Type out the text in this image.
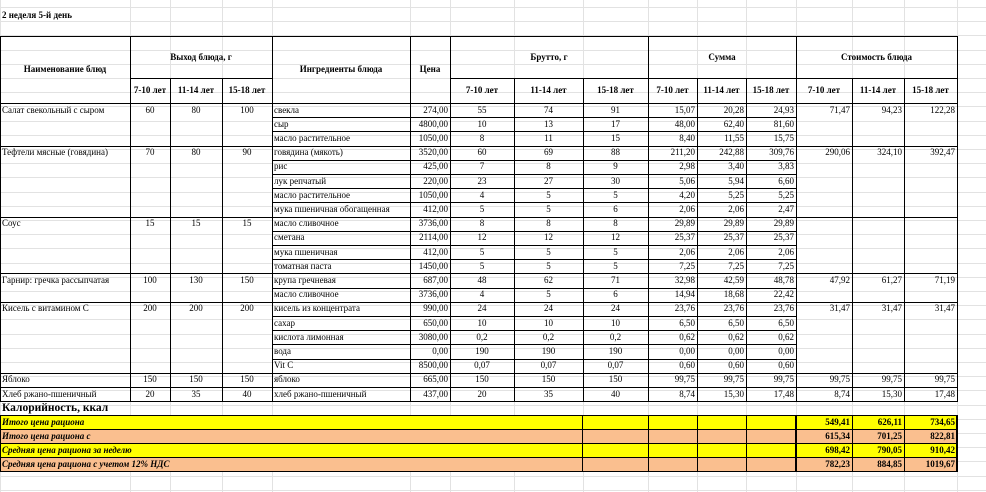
2 неделя 5-й день
Наименование блюд
Выход блюда, г
Ингредиенты блюда	Цена
Брутто, г	Сумма	Стоимость блюда
7-10 лет	11-14 лет	15-18 лет	7-10 лет	11-14 лет	15-18 лет	7-10 лет	11-14 лет	15-18 лет	7-10 лет	11-14 лет	15-18 лет
Салат свекольный с сыром	60	80	100	свекла	274,00	55	74	91	15,07	20,28	24,93	71,47	94,23	122,28
сыр	4800,00	10	13	17	48,00	62,40	81,60
масло растительное	1050,00	8	11	15	8,40	11,55	15,75
Тефтели мясные (говядина)	70	80	90	говядина (мякоть)	3520,00	60	69	88	211,20	242,88	309,76	290,06	324,10	392,47
рис	425,00	7	8	9	2,98	3,40	3,83
лук репчатый	220,00	23	27	30	5,06	5,94	6,60
масло растительное	1050,00	4	5	5	4,20	5,25	5,25
мука пшеничная обогащенная	412,00	5	5	6	2,06	2,06	2,47
Соус	15	15	15	масло сливочное	3736,00	8	8	8	29,89	29,89	29,89
сметана	2114,00	12	12	12	25,37	25,37	25,37
мука пшеничная	412,00	5	5	5	2,06	2,06	2,06
томатная паста	1450,00	5	5	5	7,25	7,25	7,25
Гарнир: гречка рассыпчатая	100	130	150	крупа гречневая	687,00	48	62	71	32,98	42,59	48,78	47,92	61,27	71,19
масло сливочное	3736,00	4	5	6	14,94	18,68	22,42
Кисель с витамином С	200	200	200	кисель из концентрата	990,00	24	24	24	23,76	23,76	23,76	31,47	31,47	31,47
сахар	650,00	10	10	10	6,50	6,50	6,50
кислота лимонная	3080,00	0,2	0,2	0,2	0,62	0,62	0,62
вода	0,00	190	190	190	0,00	0,00	0,00
Vit C	8500,00	0,07	0,07	0,07	0,60	0,60	0,60
Яблоко	150	150	150	яблоко	665,00	150	150	150	99,75	99,75	99,75	99,75	99,75	99,75
Хлеб ржано-пшеничный	20	35	40	хлеб ржано-пшеничный	437,00	20	35	40	8,74	15,30	17,48	8,74	15,30	17,48
Калорийность, ккал
Итого цена рациона	549,41	626,11	734,65
Итого цена рациона с	615,34	701,25	822,81
Средняя цена рациона за неделю	698,42	790,05	910,42
Средняя цена рациона с учетом 12% НДС	782,23	884,85	1019,67
